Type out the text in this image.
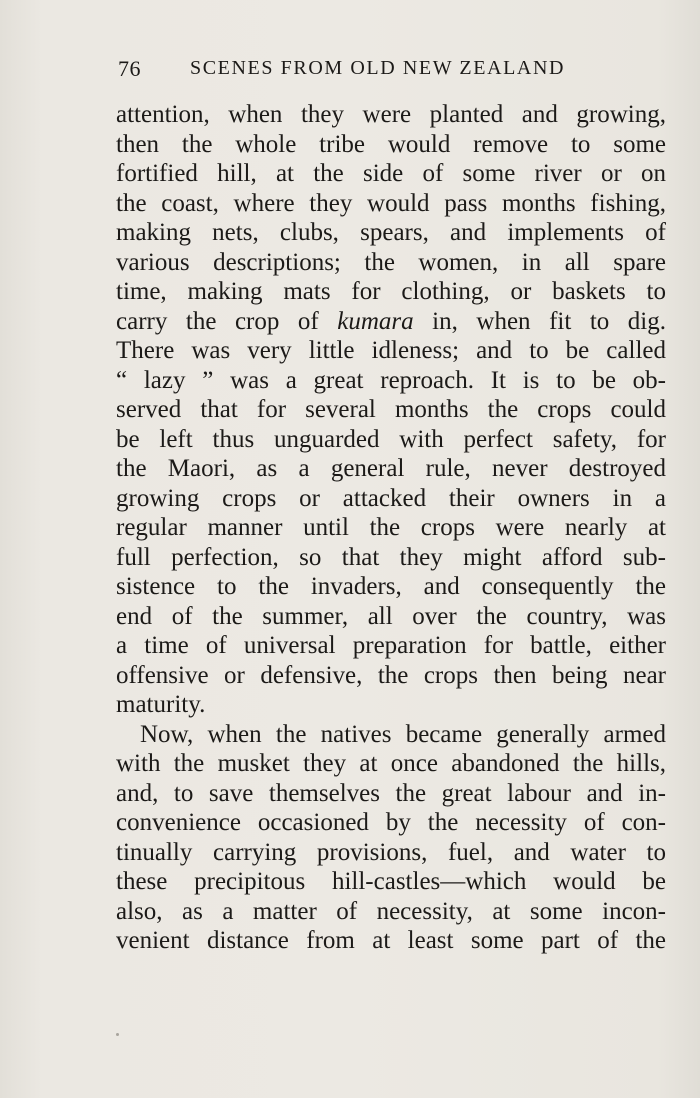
76 SCENES FROM OLD NEW ZEALAND
attention, when they were planted and growing,
then the whole tribe would remove to some
fortified hill, at the side of some river or on
the coast, where they would pass months fishing,
making nets, clubs, spears, and implements of
various descriptions; the women, in all spare
time, making mats for clothing, or baskets to
carry the crop of kumara in, when fit to dig.
There was very little idleness; and to be called
“ lazy ” was a great reproach. It is to be ob-
served that for several months the crops could
be left thus unguarded with perfect safety, for
the Maori, as a general rule, never destroyed
growing crops or attacked their owners in a
regular manner until the crops were nearly at
full perfection, so that they might afford sub-
sistence to the invaders, and consequently the
end of the summer, all over the country, was
a time of universal preparation for battle, either
offensive or defensive, the crops then being near
maturity.
Now, when the natives became generally armed
with the musket they at once abandoned the hills,
and, to save themselves the great labour and in-
convenience occasioned by the necessity of con-
tinually carrying provisions, fuel, and water to
these precipitous hill-castles—which would be
also, as a matter of necessity, at some incon-
venient distance from at least some part of the
